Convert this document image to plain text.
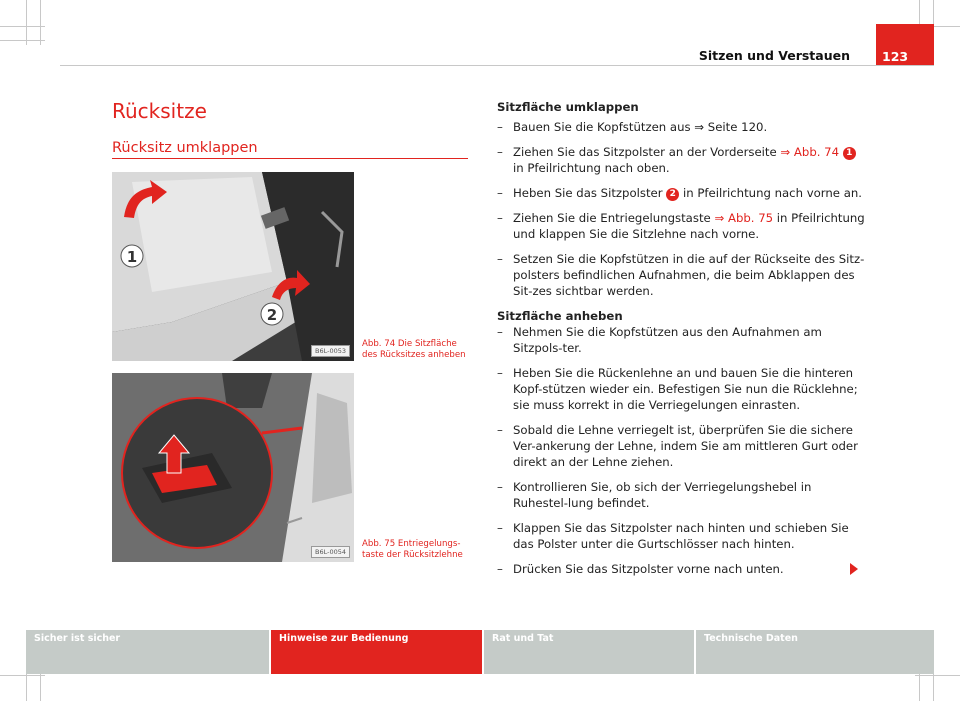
Sitzen und Verstauen	123
Rücksitze
Rücksitz umklappen
1
2
B6L-0053
Abb. 74 Die Sitzfläche
des Rücksitzes anheben
B6L-0054
Abb. 75 Entriegelungs-
taste der Rücksitzlehne

Sitzfläche umklappen

– Bauen Sie die Kopfstützen aus ⇒ Seite 120.

– Ziehen Sie das Sitzpolster an der Vorderseite ⇒ Abb. 74 1 in Pfeilrichtung nach oben.

– Heben Sie das Sitzpolster 2 in Pfeilrichtung nach vorne an.

– Ziehen Sie die Entriegelungstaste ⇒ Abb. 75 in Pfeilrichtung und klappen Sie die Sitzlehne nach vorne.

– Setzen Sie die Kopfstützen in die auf der Rückseite des Sitz-polsters befindlichen Aufnahmen, die beim Abklappen des Sit-zes sichtbar werden.

Sitzfläche anheben

– Nehmen Sie die Kopfstützen aus den Aufnahmen am Sitzpols-ter.

– Heben Sie die Rückenlehne an und bauen Sie die hinteren Kopf-stützen wieder ein. Befestigen Sie nun die Rücklehne; sie muss korrekt in die Verriegelungen einrasten.

– Sobald die Lehne verriegelt ist, überprüfen Sie die sichere Ver-ankerung der Lehne, indem Sie am mittleren Gurt oder direkt an der Lehne ziehen.

– Kontrollieren Sie, ob sich der Verriegelungshebel in Ruhestel-lung befindet.

– Klappen Sie das Sitzpolster nach hinten und schieben Sie das Polster unter die Gurtschlösser nach hinten.

– Drücken Sie das Sitzpolster vorne nach unten.

Sicher ist sicher	Hinweise zur Bedienung	Rat und Tat	Technische Daten
